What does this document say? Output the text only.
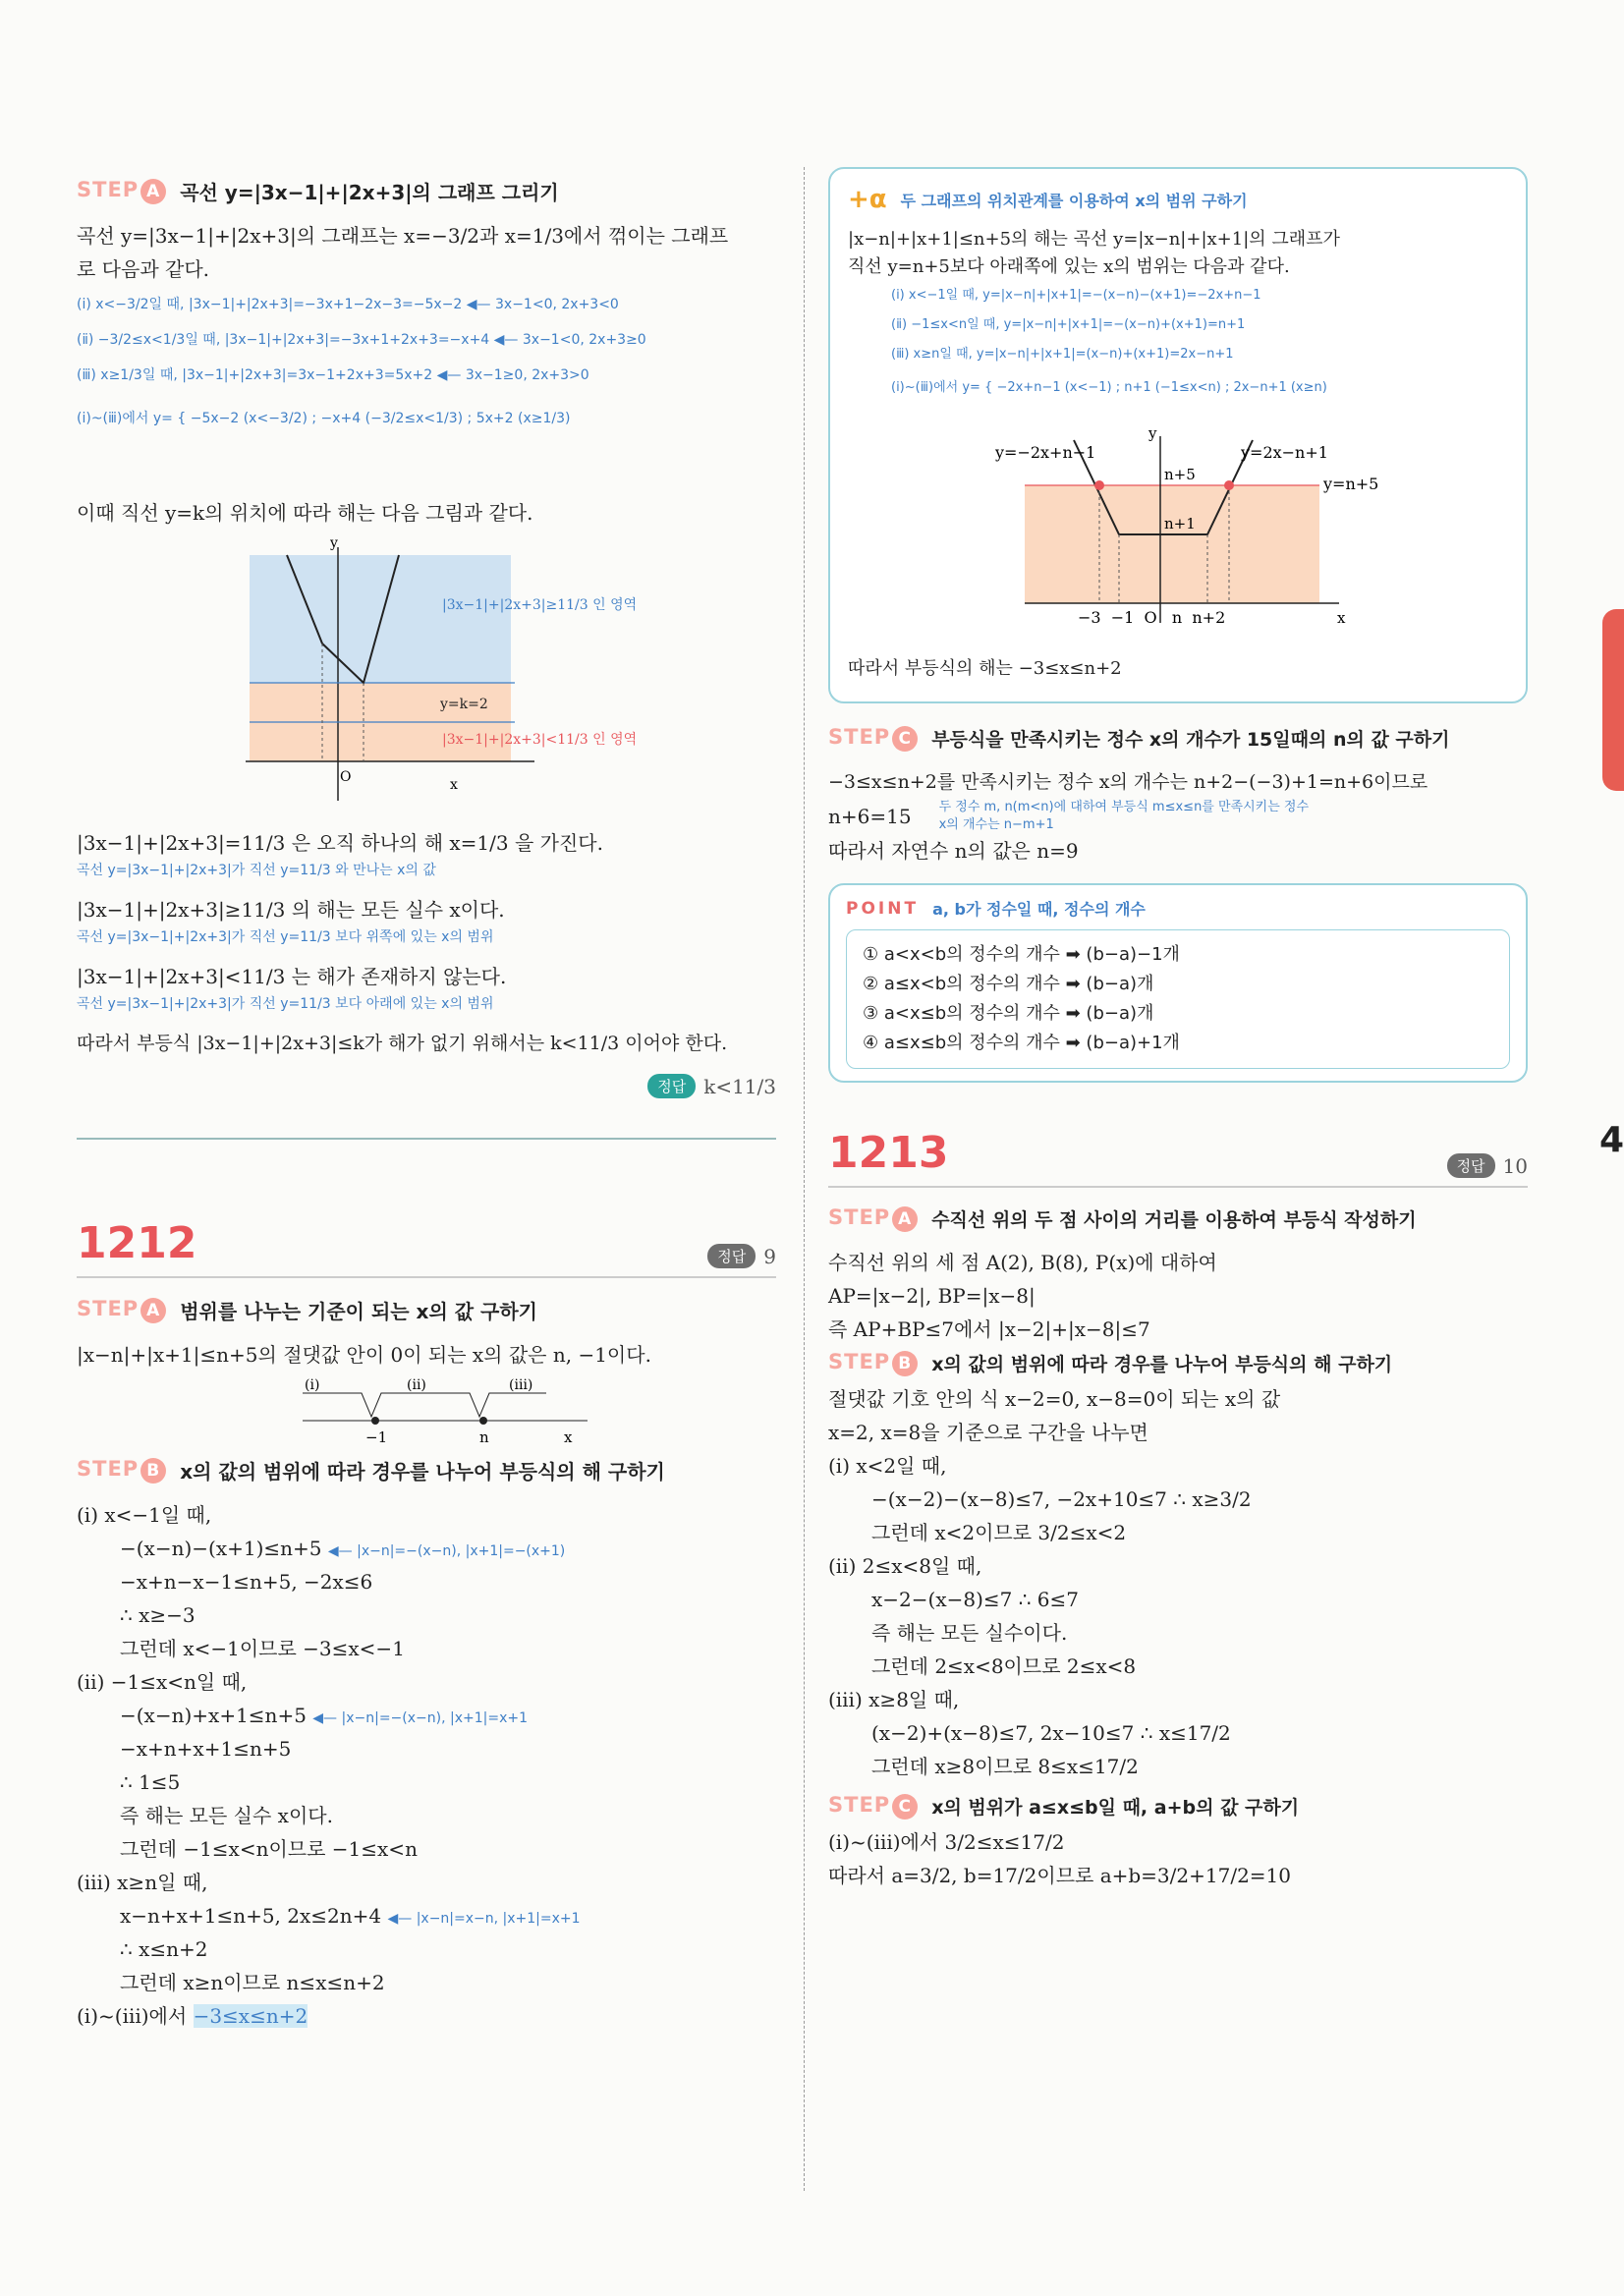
4
STEP A 곡선 y=|3x−1|+|2x+3|의 그래프 그리기
곡선 y=|3x−1|+|2x+3|의 그래프는 x=−3/2과 x=1/3에서 꺾이는 그래프
로 다음과 같다.
(ⅰ) x<−3/2일 때, |3x−1|+|2x+3|=−3x+1−2x−3=−5x−2 ◀— 3x−1<0, 2x+3<0
(ⅱ) −3/2≤x<1/3일 때, |3x−1|+|2x+3|=−3x+1+2x+3=−x+4 ◀— 3x−1<0, 2x+3≥0
(ⅲ) x≥1/3일 때, |3x−1|+|2x+3|=3x−1+2x+3=5x+2 ◀— 3x−1≥0, 2x+3>0
(ⅰ)~(ⅲ)에서 y= { −5x−2 (x<−3/2) ; −x+4 (−3/2≤x<1/3) ; 5x+2 (x≥1/3)
이때 직선 y=k의 위치에 따라 해는 다음 그림과 같다.
|3x−1|+|2x+3|≥11/3 인 영역
y=k=2
|3x−1|+|2x+3|<11/3 인 영역
y
x
O
|3x−1|+|2x+3|=11/3 은 오직 하나의 해 x=1/3 을 가진다.
곡선 y=|3x−1|+|2x+3|가 직선 y=11/3 와 만나는 x의 값
|3x−1|+|2x+3|≥11/3 의 해는 모든 실수 x이다.
곡선 y=|3x−1|+|2x+3|가 직선 y=11/3 보다 위쪽에 있는 x의 범위
|3x−1|+|2x+3|<11/3 는 해가 존재하지 않는다.
곡선 y=|3x−1|+|2x+3|가 직선 y=11/3 보다 아래에 있는 x의 범위
따라서 부등식 |3x−1|+|2x+3|≤k가 해가 없기 위해서는 k<11/3 이어야 한다.
정답 k<11/3
1212	정답 9
STEP A 범위를 나누는 기준이 되는 x의 값 구하기
|x−n|+|x+1|≤n+5의 절댓값 안이 0이 되는 x의 값은 n, −1이다.
(ⅰ)	(ⅱ)	(ⅲ)
−1	n	x
STEP B	x의 값의 범위에 따라 경우를 나누어 부등식의 해 구하기
(ⅰ) x<−1일 때,
−(x−n)−(x+1)≤n+5 ◀— |x−n|=−(x−n), |x+1|=−(x+1)
−x+n−x−1≤n+5, −2x≤6
∴ x≥−3
그런데 x<−1이므로 −3≤x<−1
(ⅱ) −1≤x<n일 때,
−(x−n)+x+1≤n+5 ◀— |x−n|=−(x−n), |x+1|=x+1
−x+n+x+1≤n+5
∴ 1≤5
즉 해는 모든 실수 x이다.
그런데 −1≤x<n이므로 −1≤x<n
(ⅲ) x≥n일 때,
x−n+x+1≤n+5, 2x≤2n+4 ◀— |x−n|=x−n, |x+1|=x+1
∴ x≤n+2
그런데 x≥n이므로 n≤x≤n+2
(ⅰ)~(ⅲ)에서 −3≤x≤n+2
+α 두 그래프의 위치관계를 이용하여 x의 범위 구하기
|x−n|+|x+1|≤n+5의 해는 곡선 y=|x−n|+|x+1|의 그래프가
직선 y=n+5보다 아래쪽에 있는 x의 범위는 다음과 같다.
(ⅰ) x<−1일 때, y=|x−n|+|x+1|=−(x−n)−(x+1)=−2x+n−1
(ⅱ) −1≤x<n일 때, y=|x−n|+|x+1|=−(x−n)+(x+1)=n+1
(ⅲ) x≥n일 때, y=|x−n|+|x+1|=(x−n)+(x+1)=2x−n+1
(ⅰ)~(ⅲ)에서 y= { −2x+n−1 (x<−1) ; n+1 (−1≤x<n) ; 2x−n+1 (x≥n)
y=−2x+n−1	y=2x−n+1
y=n+5
n+5
n+1
−3  −1  O   n  n+2	x
y
따라서 부등식의 해는 −3≤x≤n+2
STEP C	부등식을 만족시키는 정수 x의 개수가 15일때의 n의 값 구하기
−3≤x≤n+2를 만족시키는 정수 x의 개수는 n+2−(−3)+1=n+6이므로
n+6=15 두 정수 m, n(m<n)에 대하여 부등식 m≤x≤n를 만족시키는 정수 x의 개수는 n−m+1
따라서 자연수 n의 값은 n=9
POINT a, b가 정수일 때, 정수의 개수
① a<x<b의 정수의 개수 ➡ (b−a)−1개
② a≤x<b의 정수의 개수 ➡ (b−a)개
③ a<x≤b의 정수의 개수 ➡ (b−a)개
④ a≤x≤b의 정수의 개수 ➡ (b−a)+1개
1213	정답 10
STEP A	수직선 위의 두 점 사이의 거리를 이용하여 부등식 작성하기
수직선 위의 세 점 A(2), B(8), P(x)에 대하여
AP=|x−2|, BP=|x−8|
즉 AP+BP≤7에서 |x−2|+|x−8|≤7
STEP B	x의 값의 범위에 따라 경우를 나누어 부등식의 해 구하기
절댓값 기호 안의 식 x−2=0, x−8=0이 되는 x의 값
x=2, x=8을 기준으로 구간을 나누면
(ⅰ) x<2일 때,
−(x−2)−(x−8)≤7, −2x+10≤7 ∴ x≥3/2
그런데 x<2이므로 3/2≤x<2
(ⅱ) 2≤x<8일 때,
x−2−(x−8)≤7 ∴ 6≤7
즉 해는 모든 실수이다.
그런데 2≤x<8이므로 2≤x<8
(ⅲ) x≥8일 때,
(x−2)+(x−8)≤7, 2x−10≤7 ∴ x≤17/2
그런데 x≥8이므로 8≤x≤17/2
STEP C	x의 범위가 a≤x≤b일 때, a+b의 값 구하기
(ⅰ)~(ⅲ)에서 3/2≤x≤17/2
따라서 a=3/2, b=17/2이므로 a+b=3/2+17/2=10
